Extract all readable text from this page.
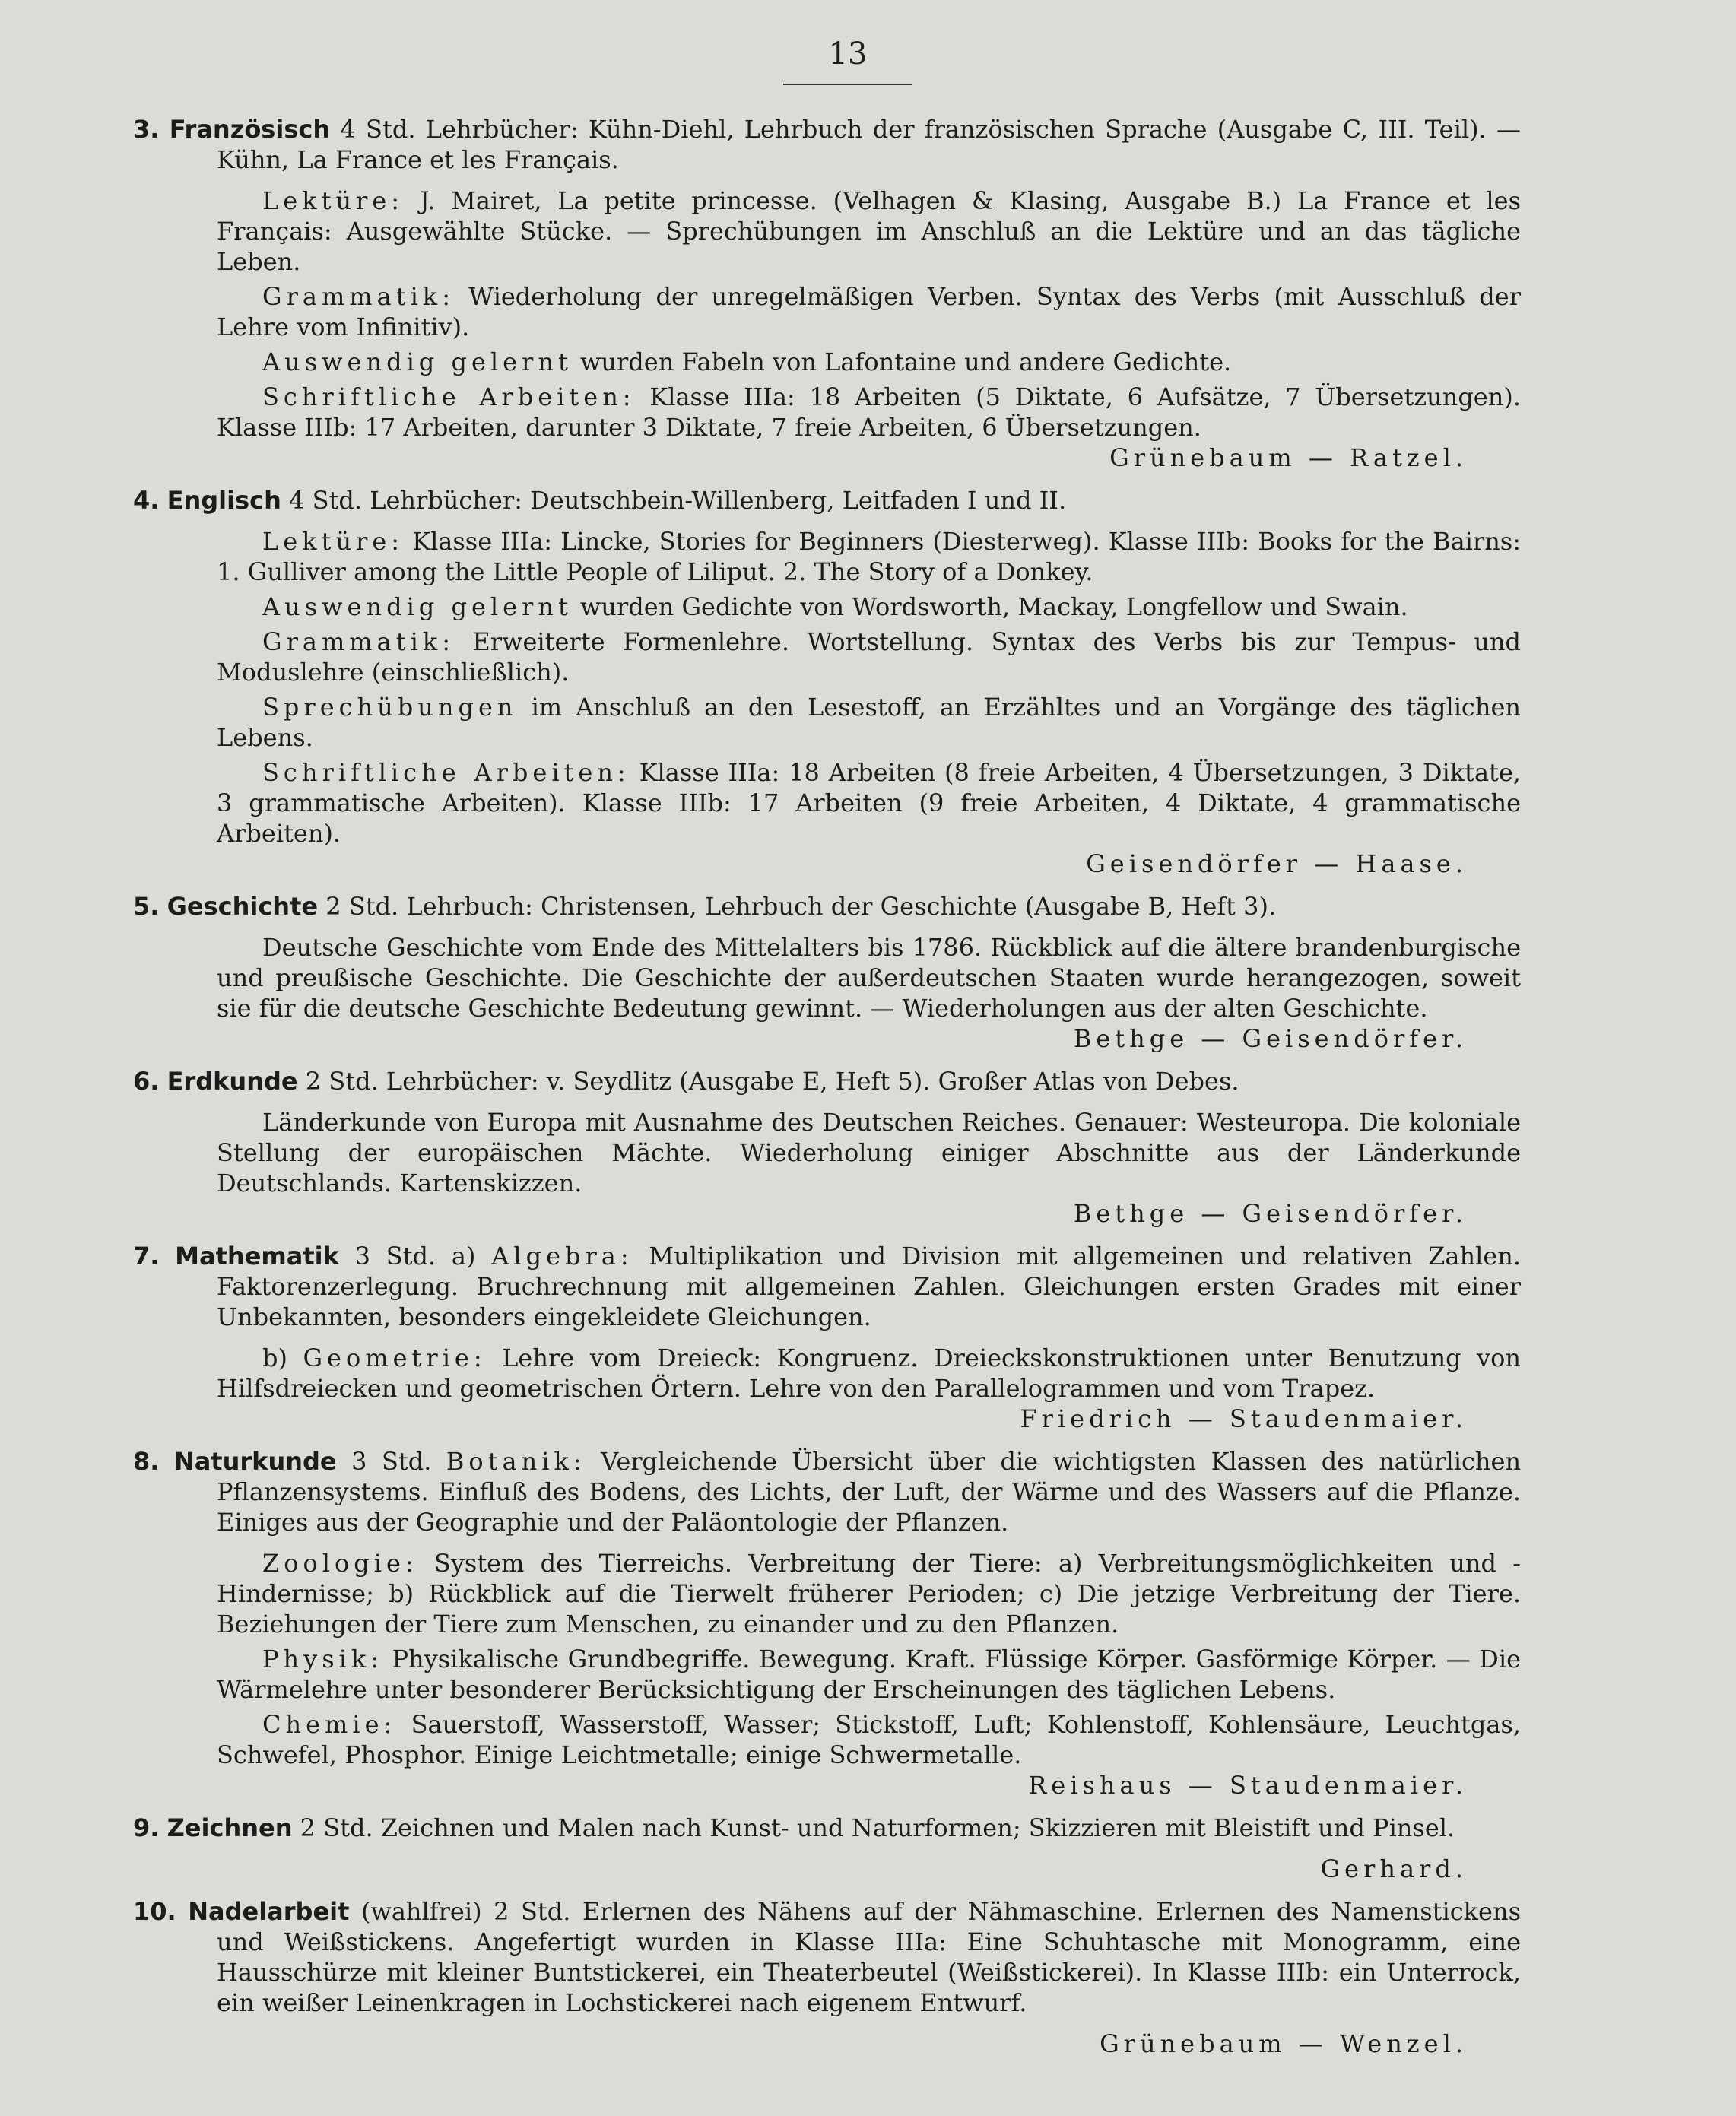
13

3. Französisch 4 Std. Lehrbücher: Kühn-Diehl, Lehrbuch der französischen Sprache (Ausgabe C, III. Teil). — Kühn, La France et les Français.

Lektüre: J. Mairet, La petite princesse. (Velhagen & Klasing, Ausgabe B.) La France et les Français: Ausgewählte Stücke. — Sprechübungen im Anschluß an die Lektüre und an das tägliche Leben.

Grammatik: Wiederholung der unregelmäßigen Verben. Syntax des Verbs (mit Ausschluß der Lehre vom Infinitiv).

Auswendig gelernt wurden Fabeln von Lafontaine und andere Gedichte.

Schriftliche Arbeiten: Klasse IIIa: 18 Arbeiten (5 Diktate, 6 Aufsätze, 7 Übersetzungen). Klasse IIIb: 17 Arbeiten, darunter 3 Diktate, 7 freie Arbeiten, 6 Übersetzungen.

Grünebaum — Ratzel.

4. Englisch 4 Std. Lehrbücher: Deutschbein-Willenberg, Leitfaden I und II.

Lektüre: Klasse IIIa: Lincke, Stories for Beginners (Diesterweg). Klasse IIIb: Books for the Bairns: 1. Gulliver among the Little People of Liliput. 2. The Story of a Donkey.

Auswendig gelernt wurden Gedichte von Wordsworth, Mackay, Longfellow und Swain.

Grammatik: Erweiterte Formenlehre. Wortstellung. Syntax des Verbs bis zur Tempus- und Moduslehre (einschließlich).

Sprechübungen im Anschluß an den Lesestoff, an Erzähltes und an Vorgänge des täglichen Lebens.

Schriftliche Arbeiten: Klasse IIIa: 18 Arbeiten (8 freie Arbeiten, 4 Übersetzungen, 3 Diktate, 3 grammatische Arbeiten). Klasse IIIb: 17 Arbeiten (9 freie Arbeiten, 4 Diktate, 4 grammatische Arbeiten).

Geisendörfer — Haase.

5. Geschichte 2 Std. Lehrbuch: Christensen, Lehrbuch der Geschichte (Ausgabe B, Heft 3).

Deutsche Geschichte vom Ende des Mittelalters bis 1786. Rückblick auf die ältere brandenburgische und preußische Geschichte. Die Geschichte der außerdeutschen Staaten wurde herangezogen, soweit sie für die deutsche Geschichte Bedeutung gewinnt. — Wiederholungen aus der alten Geschichte.

Bethge — Geisendörfer.

6. Erdkunde 2 Std. Lehrbücher: v. Seydlitz (Ausgabe E, Heft 5). Großer Atlas von Debes.

Länderkunde von Europa mit Ausnahme des Deutschen Reiches. Genauer: Westeuropa. Die koloniale Stellung der europäischen Mächte. Wiederholung einiger Abschnitte aus der Länderkunde Deutschlands. Kartenskizzen.

Bethge — Geisendörfer.

7. Mathematik 3 Std. a) Algebra: Multiplikation und Division mit allgemeinen und relativen Zahlen. Faktorenzerlegung. Bruchrechnung mit allgemeinen Zahlen. Gleichungen ersten Grades mit einer Unbekannten, besonders eingekleidete Gleichungen.

b) Geometrie: Lehre vom Dreieck: Kongruenz. Dreieckskonstruktionen unter Benutzung von Hilfsdreiecken und geometrischen Örtern. Lehre von den Parallelogrammen und vom Trapez.

Friedrich — Staudenmaier.

8. Naturkunde 3 Std. Botanik: Vergleichende Übersicht über die wichtigsten Klassen des natürlichen Pflanzensystems. Einfluß des Bodens, des Lichts, der Luft, der Wärme und des Wassers auf die Pflanze. Einiges aus der Geographie und der Paläontologie der Pflanzen.

Zoologie: System des Tierreichs. Verbreitung der Tiere: a) Verbreitungsmöglichkeiten und -Hindernisse; b) Rückblick auf die Tierwelt früherer Perioden; c) Die jetzige Verbreitung der Tiere. Beziehungen der Tiere zum Menschen, zu einander und zu den Pflanzen.

Physik: Physikalische Grundbegriffe. Bewegung. Kraft. Flüssige Körper. Gasförmige Körper. — Die Wärmelehre unter besonderer Berücksichtigung der Erscheinungen des täglichen Lebens.

Chemie: Sauerstoff, Wasserstoff, Wasser; Stickstoff, Luft; Kohlenstoff, Kohlensäure, Leuchtgas, Schwefel, Phosphor. Einige Leichtmetalle; einige Schwermetalle.

Reishaus — Staudenmaier.

9. Zeichnen 2 Std. Zeichnen und Malen nach Kunst- und Naturformen; Skizzieren mit Bleistift und Pinsel.

Gerhard.

10. Nadelarbeit (wahlfrei) 2 Std. Erlernen des Nähens auf der Nähmaschine. Erlernen des Namenstickens und Weißstickens. Angefertigt wurden in Klasse IIIa: Eine Schuhtasche mit Monogramm, eine Hausschürze mit kleiner Buntstickerei, ein Theaterbeutel (Weißstickerei). In Klasse IIIb: ein Unterrock, ein weißer Leinenkragen in Lochstickerei nach eigenem Entwurf.

Grünebaum — Wenzel.
